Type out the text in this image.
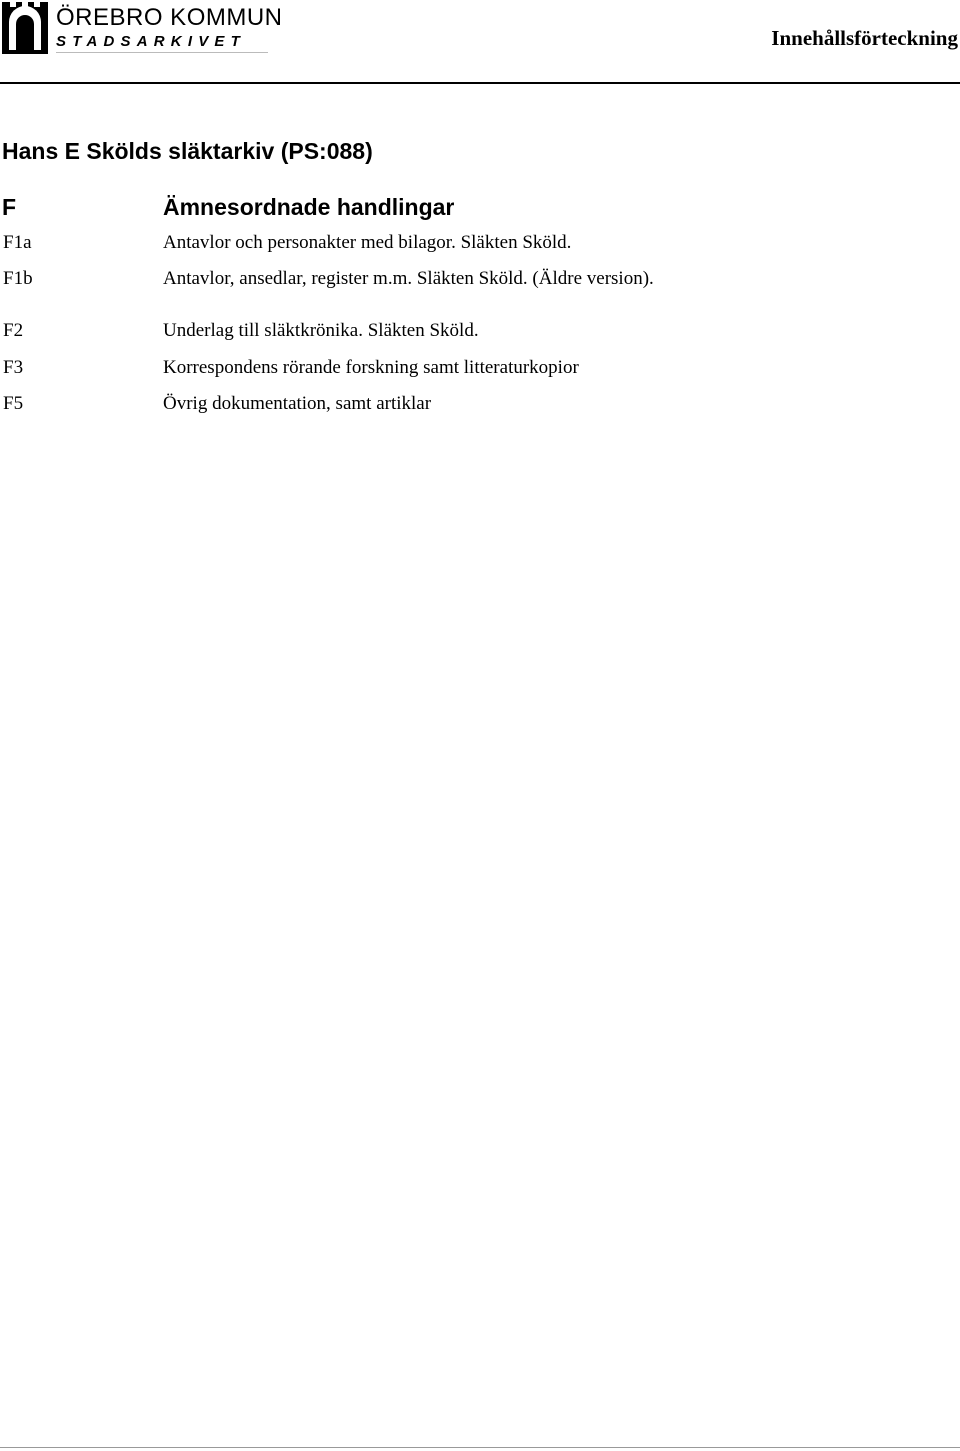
ÖREBRO KOMMUN

STADSARKIVET	Innehållsförteckning

Hans E Skölds släktarkiv (PS:088)

F	Ämnesordnade handlingar

F1a	Antavlor och personakter med bilagor. Släkten Sköld.
F1b	Antavlor, ansedlar, register m.m. Släkten Sköld. (Äldre version).
F2	Underlag till släktkrönika. Släkten Sköld.
F3	Korrespondens rörande forskning samt litteraturkopior
F5	Övrig dokumentation, samt artiklar
